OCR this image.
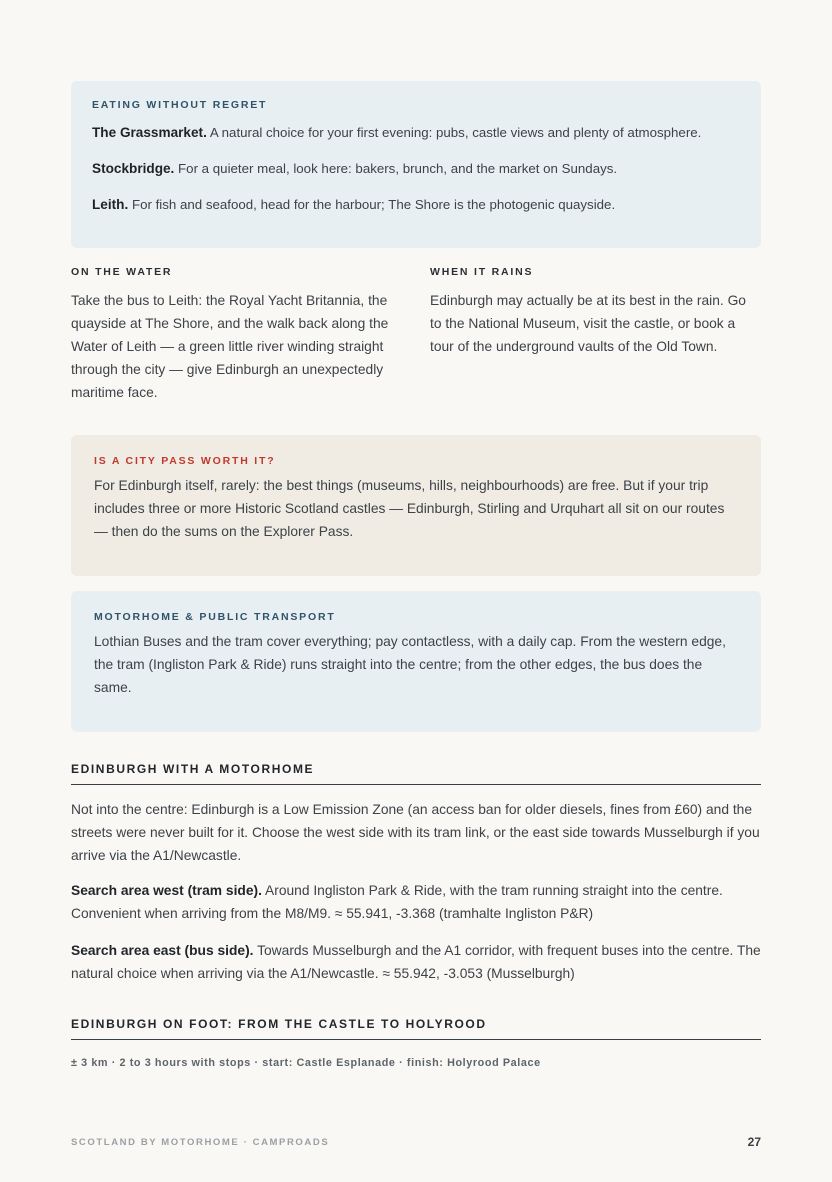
EATING WITHOUT REGRET
The Grassmarket. A natural choice for your first evening: pubs, castle views and plenty of atmosphere.
Stockbridge. For a quieter meal, look here: bakers, brunch, and the market on Sundays.
Leith. For fish and seafood, head for the harbour; The Shore is the photogenic quayside.
ON THE WATER

Take the bus to Leith: the Royal Yacht Britannia, the quayside at The Shore, and the walk back along the Water of Leith — a green little river winding straight through the city — give Edinburgh an unexpectedly maritime face.

WHEN IT RAINS

Edinburgh may actually be at its best in the rain. Go to the National Museum, visit the castle, or book a tour of the underground vaults of the Old Town.

IS A CITY PASS WORTH IT?

For Edinburgh itself, rarely: the best things (museums, hills, neighbourhoods) are free. But if your trip includes three or more Historic Scotland castles — Edinburgh, Stirling and Urquhart all sit on our routes — then do the sums on the Explorer Pass.

MOTORHOME & PUBLIC TRANSPORT

Lothian Buses and the tram cover everything; pay contactless, with a daily cap. From the western edge, the tram (Ingliston Park & Ride) runs straight into the centre; from the other edges, the bus does the same.

EDINBURGH WITH A MOTORHOME

Not into the centre: Edinburgh is a Low Emission Zone (an access ban for older diesels, fines from £60) and the streets were never built for it. Choose the west side with its tram link, or the east side towards Musselburgh if you arrive via the A1/Newcastle.

Search area west (tram side). Around Ingliston Park & Ride, with the tram running straight into the centre. Convenient when arriving from the M8/M9. ≈ 55.941, -3.368 (tramhalte Ingliston P&R)
Search area east (bus side). Towards Musselburgh and the A1 corridor, with frequent buses into the centre. The natural choice when arriving via the A1/Newcastle. ≈ 55.942, -3.053 (Musselburgh)
EDINBURGH ON FOOT: FROM THE CASTLE TO HOLYROOD
± 3 km · 2 to 3 hours with stops · start: Castle Esplanade · finish: Holyrood Palace
SCOTLAND BY MOTORHOME · CAMPROADS	27
